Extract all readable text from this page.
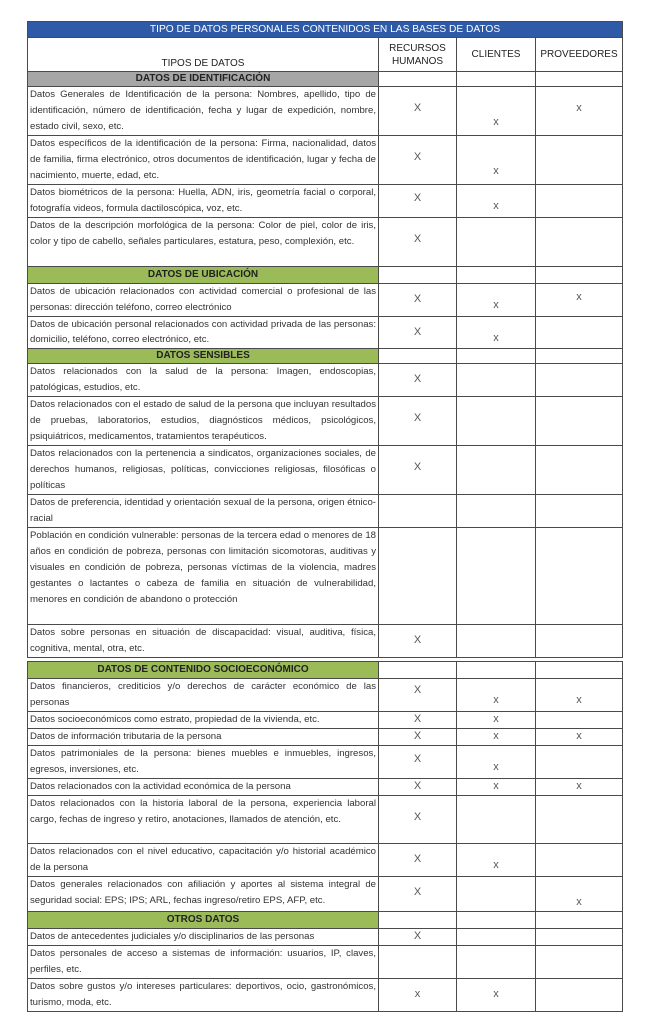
TIPO DE DATOS PERSONALES CONTENIDOS EN LAS BASES DE DATOS			
TIPOS DE DATOS	RECURSOS HUMANOS	CLIENTES	PROVEEDORES
DATOS DE IDENTIFICACIÓN			
Datos Generales de Identificación de la persona: Nombres, apellido, tipo de identificación, número de identificación, fecha y lugar de expedición, nombre, estado civil, sexo, etc.	X	x	x
Datos específicos de la identificación de la persona: Firma, nacionalidad, datos de familia, firma electrónico, otros documentos de identificación, lugar y fecha de nacimiento, muerte, edad, etc.	X	x	
Datos biométricos de la persona: Huella, ADN, iris, geometría facial o corporal, fotografía videos, formula dactiloscópica, voz, etc.	X	x	
Datos de la descripción morfológica de la persona: Color de piel, color de iris, color y tipo de cabello, señales particulares, estatura, peso, complexión, etc.	X		
DATOS DE UBICACIÓN			
Datos de ubicación relacionados con actividad comercial o profesional de las personas: dirección teléfono, correo electrónico	X	x	x
Datos de ubicación personal relacionados con actividad privada de las personas: domicilio, teléfono, correo electrónico, etc.	X	x	
DATOS SENSIBLES			
Datos relacionados con la salud de la persona: Imagen, endoscopias, patológicas, estudios, etc.	X		
Datos relacionados con el estado de salud de la persona que incluyan resultados de pruebas, laboratorios, estudios, diagnósticos médicos, psicológicos, psiquiátricos, medicamentos, tratamientos terapéuticos.	X		
Datos relacionados con la pertenencia a sindicatos, organizaciones sociales, de derechos humanos, religiosas, políticas, convicciones religiosas, filosóficas o políticas	X		
Datos de preferencia, identidad y orientación sexual de la persona, origen étnico-racial			
Población en condición vulnerable: personas de la tercera edad o menores de 18 años en condición de pobreza, personas con limitación sicomotoras, auditivas y visuales en condición de pobreza, personas víctimas de la violencia, madres gestantes o lactantes o cabeza de familia en situación de vulnerabilidad, menores en condición de abandono o protección			
Datos sobre personas en situación de discapacidad: visual, auditiva, física, cognitiva, mental, otra, etc.	X		

DATOS DE CONTENIDO SOCIOECONÓMICO			
Datos financieros, crediticios y/o derechos de carácter económico de las personas	X	x	x
Datos socioeconómicos como estrato, propiedad de la vivienda, etc.	X	x	
Datos de información tributaria de la persona	X	x	x
Datos patrimoniales de la persona: bienes muebles e inmuebles, ingresos, egresos, inversiones, etc.	X	x	
Datos relacionados con la actividad económica de la persona	X	x	x
Datos relacionados con la historia laboral de la persona, experiencia laboral cargo, fechas de ingreso y retiro, anotaciones, llamados de atención, etc.	X		
Datos relacionados con el nivel educativo, capacitación y/o historial académico de la persona	X	x	
Datos generales relacionados con afiliación y aportes al sistema integral de seguridad social: EPS; IPS; ARL, fechas ingreso/retiro EPS, AFP, etc.	X		x
OTROS DATOS			
Datos de antecedentes judiciales y/o disciplinarios de las personas	X		
Datos personales de acceso a sistemas de información: usuarios, IP, claves, perfiles, etc.			
Datos sobre gustos y/o intereses particulares: deportivos, ocio, gastronómicos, turismo, moda, etc.	x	x	
